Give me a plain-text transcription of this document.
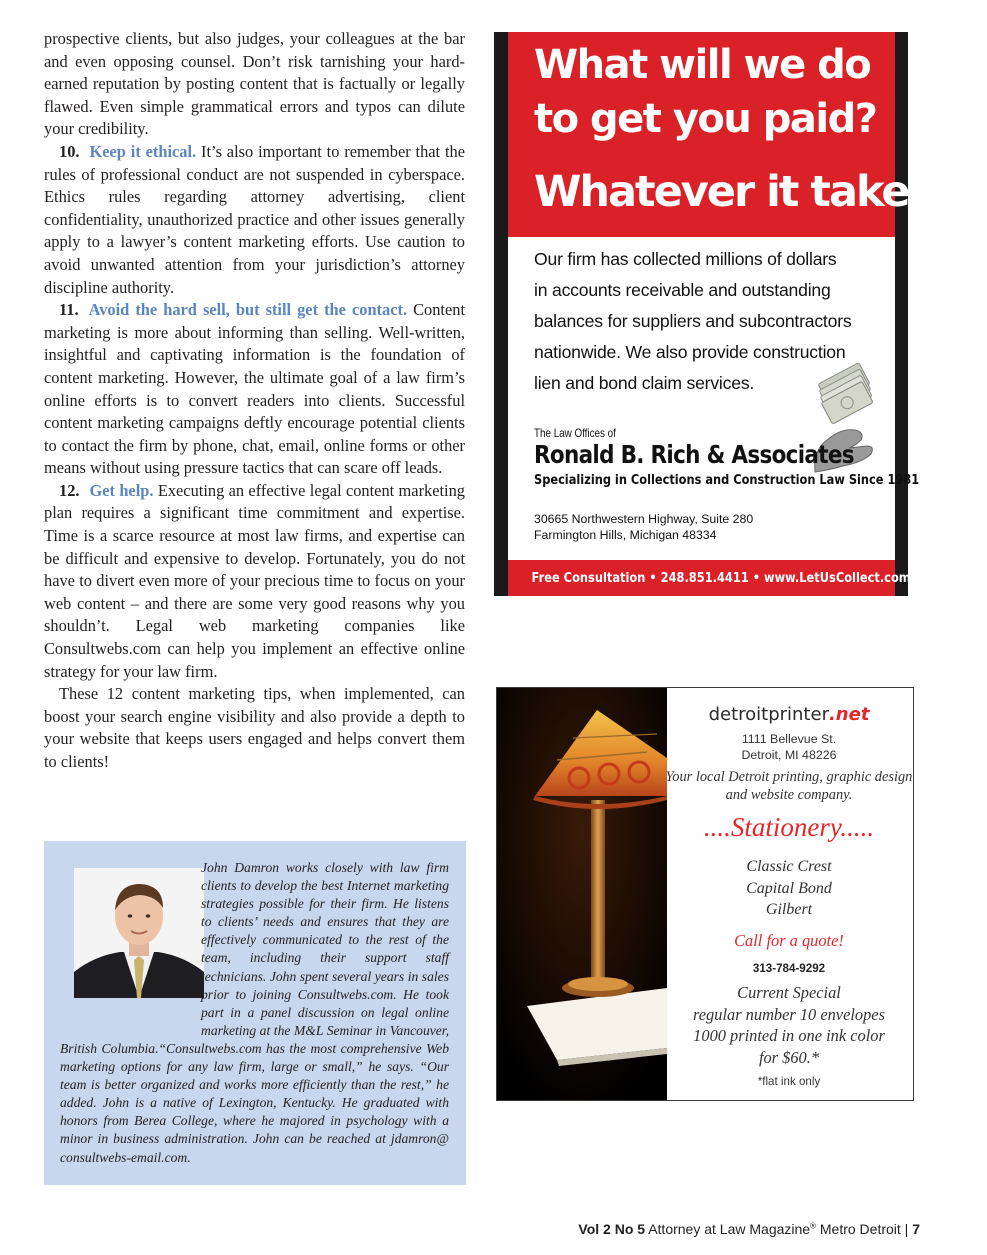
prospective clients, but also judges, your colleagues at the bar and even opposing counsel. Don’t risk tarnishing your hard-earned reputation by posting content that is factually or legally flawed. Even simple grammatical errors and typos can dilute your credibility.

10. Keep it ethical. It’s also important to remember that the rules of professional conduct are not suspended in cyberspace. Ethics rules regarding attorney advertising, client confidentiality, unauthorized practice and other issues generally apply to a lawyer’s content marketing efforts. Use caution to avoid unwanted attention from your jurisdiction’s attorney discipline authority.

11. Avoid the hard sell, but still get the contact. Content marketing is more about informing than selling. Well-written, insightful and captivating information is the foundation of content marketing. However, the ultimate goal of a law firm’s online efforts is to convert readers into clients. Successful content marketing campaigns deftly encourage potential clients to contact the firm by phone, chat, email, online forms or other means without using pressure tactics that can scare off leads.

12. Get help. Executing an effective legal content marketing plan requires a significant time commitment and expertise. Time is a scarce resource at most law firms, and expertise can be difficult and expensive to develop. Fortunately, you do not have to divert even more of your precious time to focus on your web content – and there are some very good reasons why you shouldn’t. Legal web marketing companies like Consultwebs.com can help you implement an effective online strategy for your law firm.

These 12 content marketing tips, when implemented, can boost your search engine visibility and also provide a depth to your website that keeps users engaged and helps convert them to clients!

John Damron works closely with law firm clients to develop the best Internet marketing strategies possible for their firm. He listens to clients’ needs and ensures that they are effectively communicated to the rest of the team, including their support staff technicians. John spent several years in sales prior to joining Consultwebs.com. He took part in a panel discussion on legal online marketing at the M&L Seminar in Vancouver, British Columbia.“Consultwebs.com has the most comprehensive Web marketing options for any law firm, large or small,” he says. “Our team is better organized and works more efficiently than the rest,” he added. John is a native of Lexington, Kentucky. He graduated with honors from Berea College, where he majored in psychology with a minor in business administration. John can be reached at jdamron@ consultwebs-email.com.
What will we do
to get you paid?
Whatever it takes.
Our firm has collected millions of dollars
in accounts receivable and outstanding
balances for suppliers and subcontractors
nationwide. We also provide construction
lien and bond claim services.
The Law Offices of
Ronald B. Rich & Associates
Specializing in Collections and Construction Law Since 1981
30665 Northwestern Highway, Suite 280
Farmington Hills, Michigan 48334
Free Consultation • 248.851.4411 • www.LetUsCollect.com
detroitprinter.net
1111 Bellevue St.
Detroit, MI 48226
Your local Detroit printing, graphic design
and website company.
....Stationery.....
Classic Crest
Capital Bond
Gilbert
Call for a quote!
313-784-9292
Current Special
regular number 10 envelopes
1000 printed in one ink color
for $60.*
*flat ink only
Vol 2 No 5 Attorney at Law Magazine® Metro Detroit | 7
